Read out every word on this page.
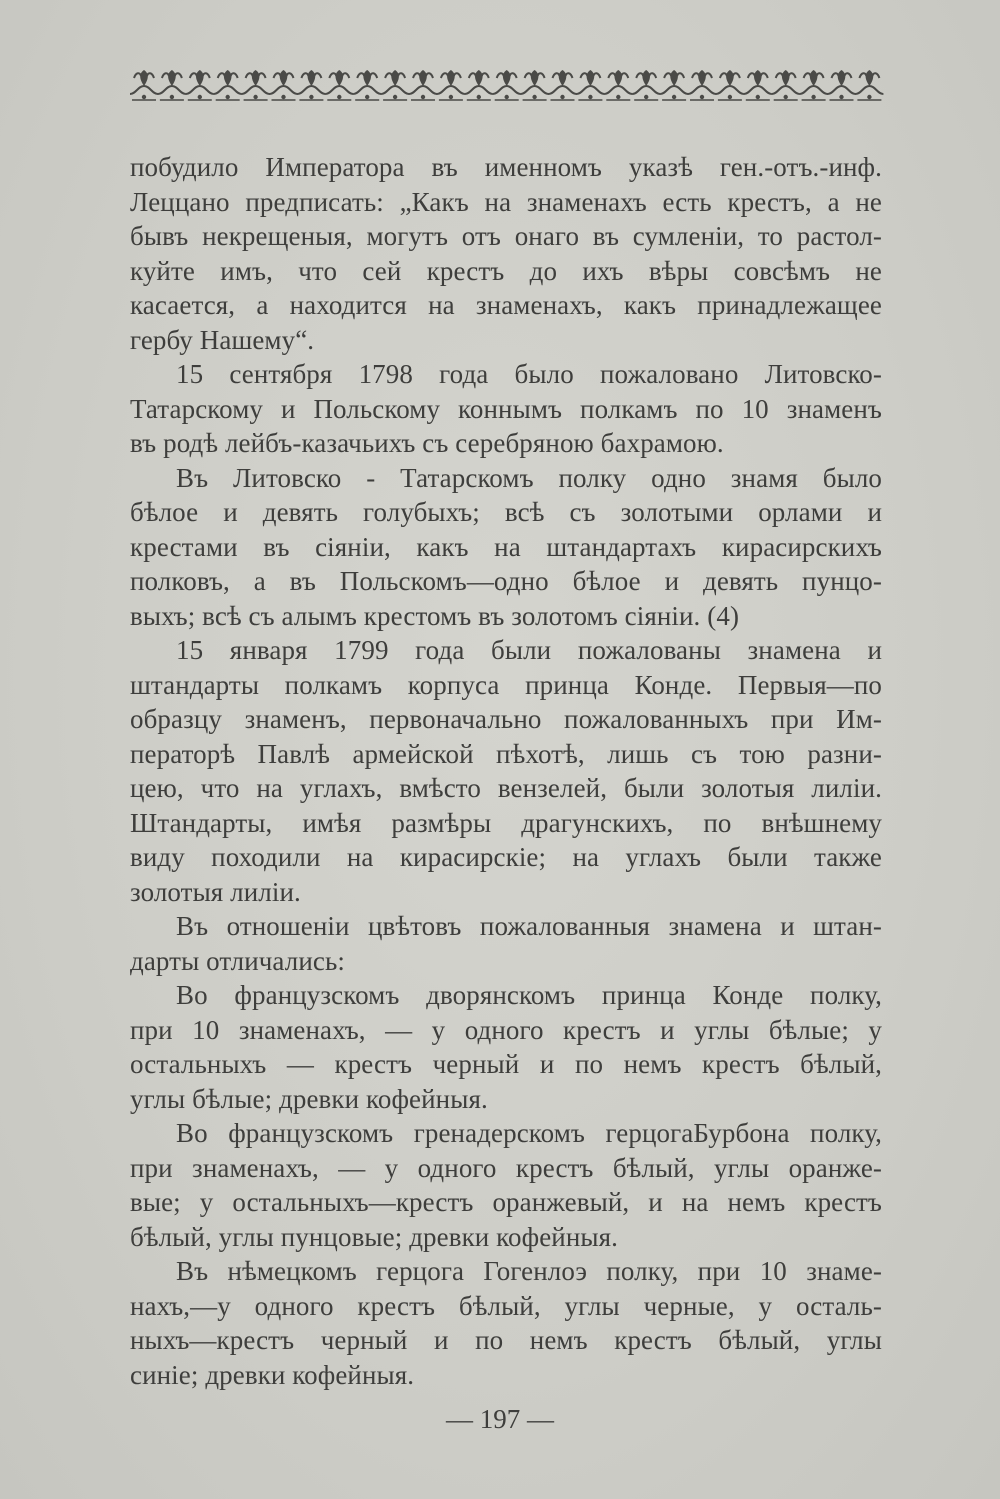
побудило Императора въ именномъ указѣ ген.-отъ.-инф.
Леццано предписать: „Какъ на знаменахъ есть крестъ, а не
бывъ некрещеныя, могутъ отъ онаго въ сумленіи, то растол-
куйте имъ, что сей крестъ до ихъ вѣры совсѣмъ не
касается, а находится на знаменахъ, какъ принадлежащее
гербу Нашему“.
15 сентября 1798 года было пожаловано Литовско-
Татарскому и Польскому коннымъ полкамъ по 10 знаменъ
въ родѣ лейбъ-казачьихъ съ серебряною бахрамою.
Въ Литовско - Татарскомъ полку одно знамя было
бѣлое и девять голубыхъ; всѣ съ золотыми орлами и
крестами въ сіяніи, какъ на штандартахъ кирасирскихъ
полковъ, а въ Польскомъ—одно бѣлое и девять пунцо-
выхъ; всѣ съ алымъ крестомъ въ золотомъ сіяніи. (4)
15 января 1799 года были пожалованы знамена и
штандарты полкамъ корпуса принца Конде. Первыя—по
образцу знаменъ, первоначально пожалованныхъ при Им-
ператорѣ Павлѣ армейской пѣхотѣ, лишь съ тою разни-
цею, что на углахъ, вмѣсто вензелей, были золотыя лиліи.
Штандарты, имѣя размѣры драгунскихъ, по внѣшнему
виду походили на кирасирскіе; на углахъ были также
золотыя лиліи.
Въ отношеніи цвѣтовъ пожалованныя знамена и штан-
дарты отличались:
Во французскомъ дворянскомъ принца Конде полку,
при 10 знаменахъ, — у одного крестъ и углы бѣлые; у
остальныхъ — крестъ черный и по немъ крестъ бѣлый,
углы бѣлые; древки кофейныя.
Во французскомъ гренадерскомъ герцогаБурбона полку,
при знаменахъ, — у одного крестъ бѣлый, углы оранже-
вые; у остальныхъ—крестъ оранжевый, и на немъ крестъ
бѣлый, углы пунцовые; древки кофейныя.
Въ нѣмецкомъ герцога Гогенлоэ полку, при 10 знаме-
нахъ,—у одного крестъ бѣлый, углы черные, у осталь-
ныхъ—крестъ черный и по немъ крестъ бѣлый, углы
синіе; древки кофейныя.
— 197 —
